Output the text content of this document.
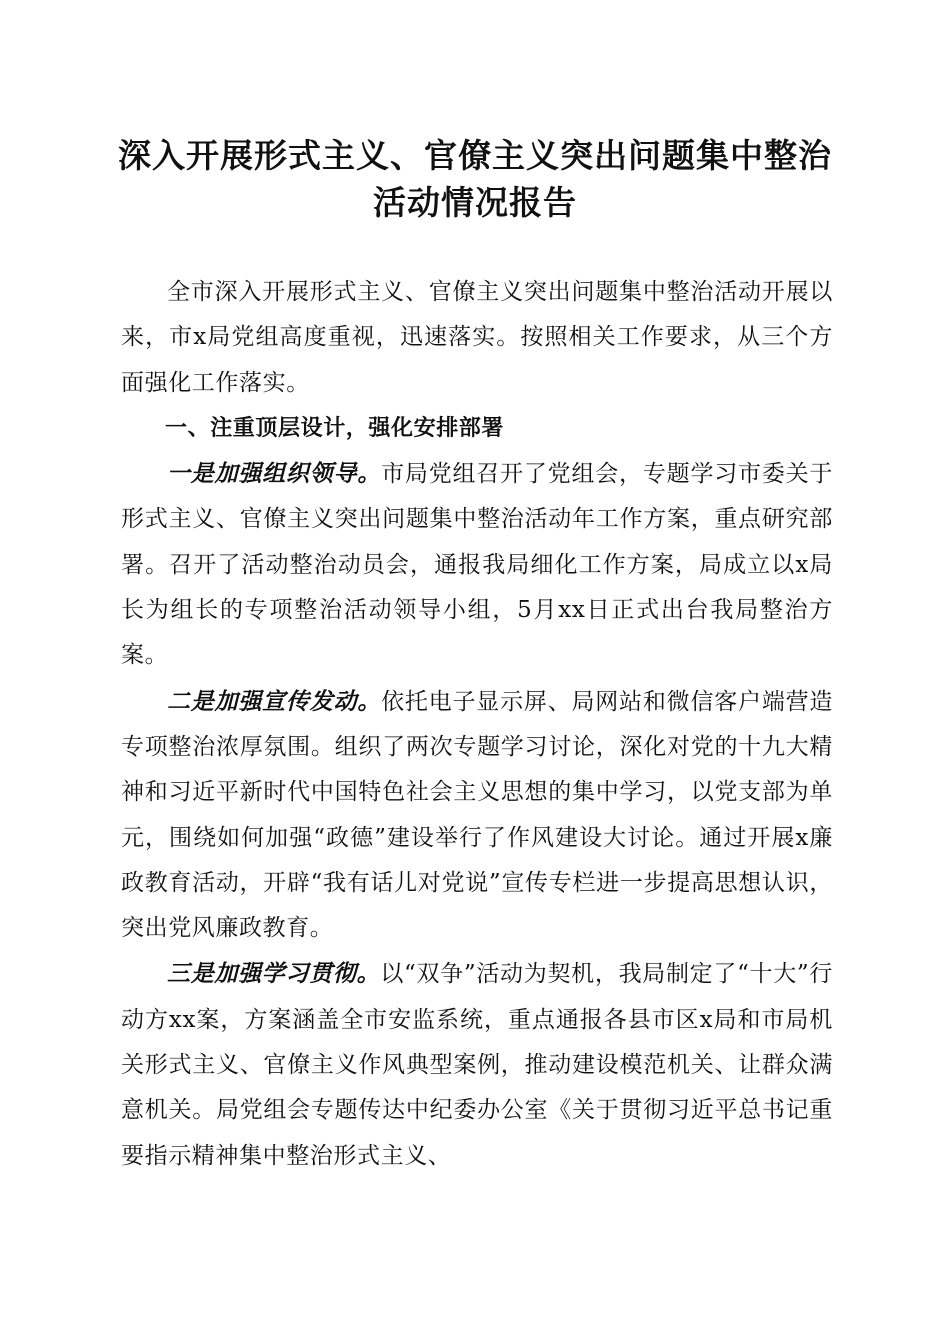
深入开展形式主义、官僚主义突出问题集中整治活动情况报告

全市深入开展形式主义、官僚主义突出问题集中整治活动开展以来，市x局党组高度重视，迅速落实。按照相关工作要求，从三个方面强化工作落实。

一、注重顶层设计，强化安排部署

一是加强组织领导。市局党组召开了党组会，专题学习市委关于形式主义、官僚主义突出问题集中整治活动年工作方案，重点研究部署。召开了活动整治动员会，通报我局细化工作方案，局成立以x局长为组长的专项整治活动领导小组，5月xx日正式出台我局整治方案。

二是加强宣传发动。依托电子显示屏、局网站和微信客户端营造专项整治浓厚氛围。组织了两次专题学习讨论，深化对党的十九大精神和习近平新时代中国特色社会主义思想的集中学习，以党支部为单元，围绕如何加强“政德”建设举行了作风建设大讨论。通过开展x廉政教育活动，开辟“我有话儿对党说”宣传专栏进一步提高思想认识，突出党风廉政教育。

三是加强学习贯彻。以“双争”活动为契机，我局制定了“十大”行动方xx案，方案涵盖全市安监系统，重点通报各县市区x局和市局机关形式主义、官僚主义作风典型案例，推动建设模范机关、让群众满意机关。局党组会专题传达中纪委办公室《关于贯彻习近平总书记重要指示精神集中整治形式主义、
